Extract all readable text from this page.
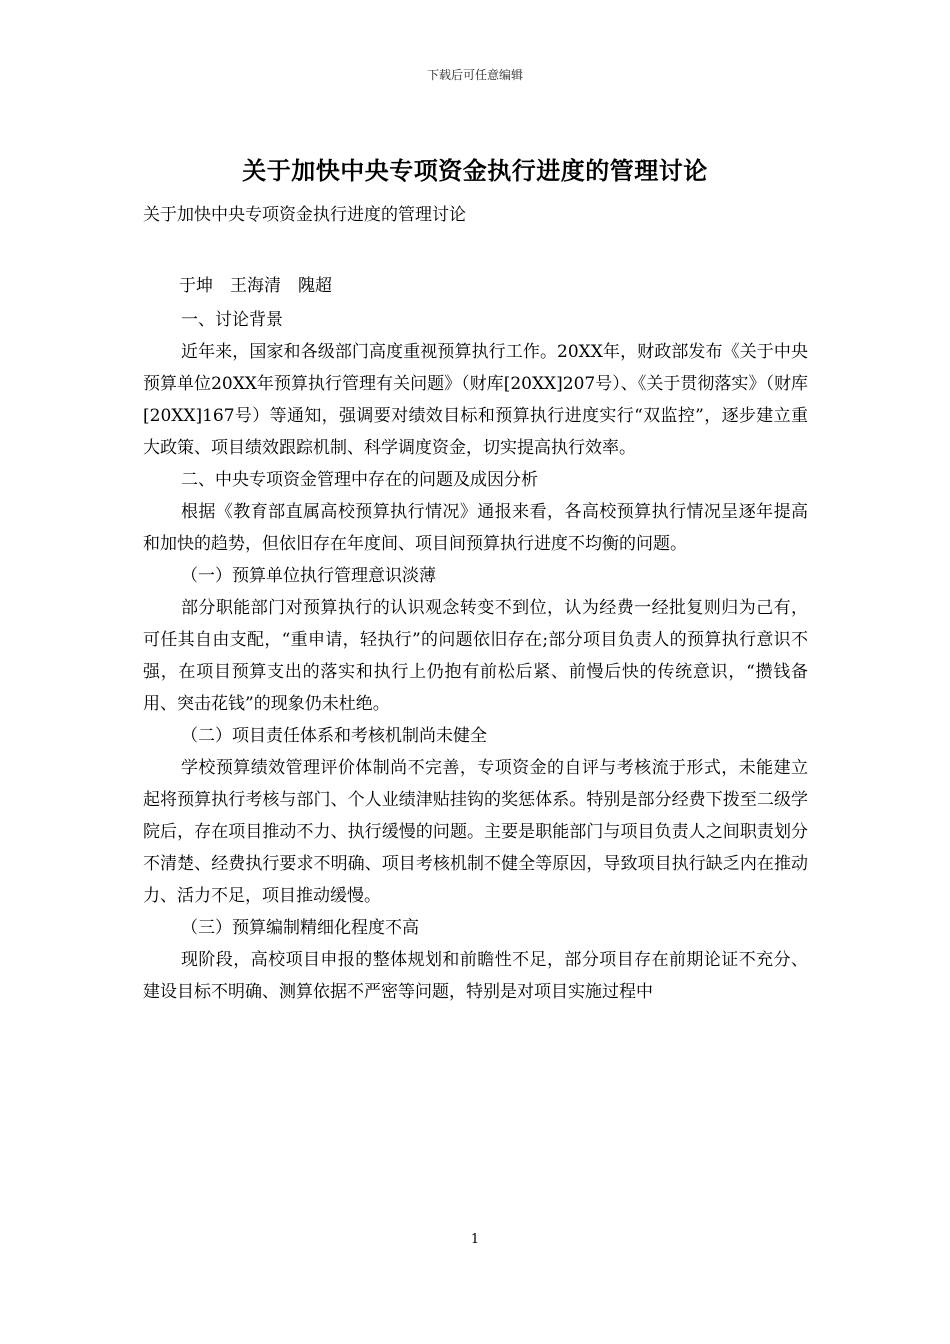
下载后可任意编辑
关于加快中央专项资金执行进度的管理讨论
关于加快中央专项资金执行进度的管理讨论

于坤　王海清　隗超

一、讨论背景

近年来，国家和各级部门高度重视预算执行工作。20XX年，财政部发布《关于中央预算单位20XX年预算执行管理有关问题》（财库[20XX]207号）、《关于贯彻落实》（财库[20XX]167号）等通知，强调要对绩效目标和预算执行进度实行“双监控”，逐步建立重大政策、项目绩效跟踪机制、科学调度资金，切实提高执行效率。

二、中央专项资金管理中存在的问题及成因分析

根据《教育部直属高校预算执行情况》通报来看，各高校预算执行情况呈逐年提高和加快的趋势，但依旧存在年度间、项目间预算执行进度不均衡的问题。

（一）预算单位执行管理意识淡薄

部分职能部门对预算执行的认识观念转变不到位，认为经费一经批复则归为己有，可任其自由支配，“重申请，轻执行”的问题依旧存在;部分项目负责人的预算执行意识不强，在项目预算支出的落实和执行上仍抱有前松后紧、前慢后快的传统意识，“攒钱备用、突击花钱”的现象仍未杜绝。

（二）项目责任体系和考核机制尚未健全

学校预算绩效管理评价体制尚不完善，专项资金的自评与考核流于形式，未能建立起将预算执行考核与部门、个人业绩津贴挂钩的奖惩体系。特别是部分经费下拨至二级学院后，存在项目推动不力、执行缓慢的问题。主要是职能部门与项目负责人之间职责划分不清楚、经费执行要求不明确、项目考核机制不健全等原因，导致项目执行缺乏内在推动力、活力不足，项目推动缓慢。

（三）预算编制精细化程度不高

现阶段，高校项目申报的整体规划和前瞻性不足，部分项目存在前期论证不充分、建设目标不明确、测算依据不严密等问题，特别是对项目实施过程中

1
